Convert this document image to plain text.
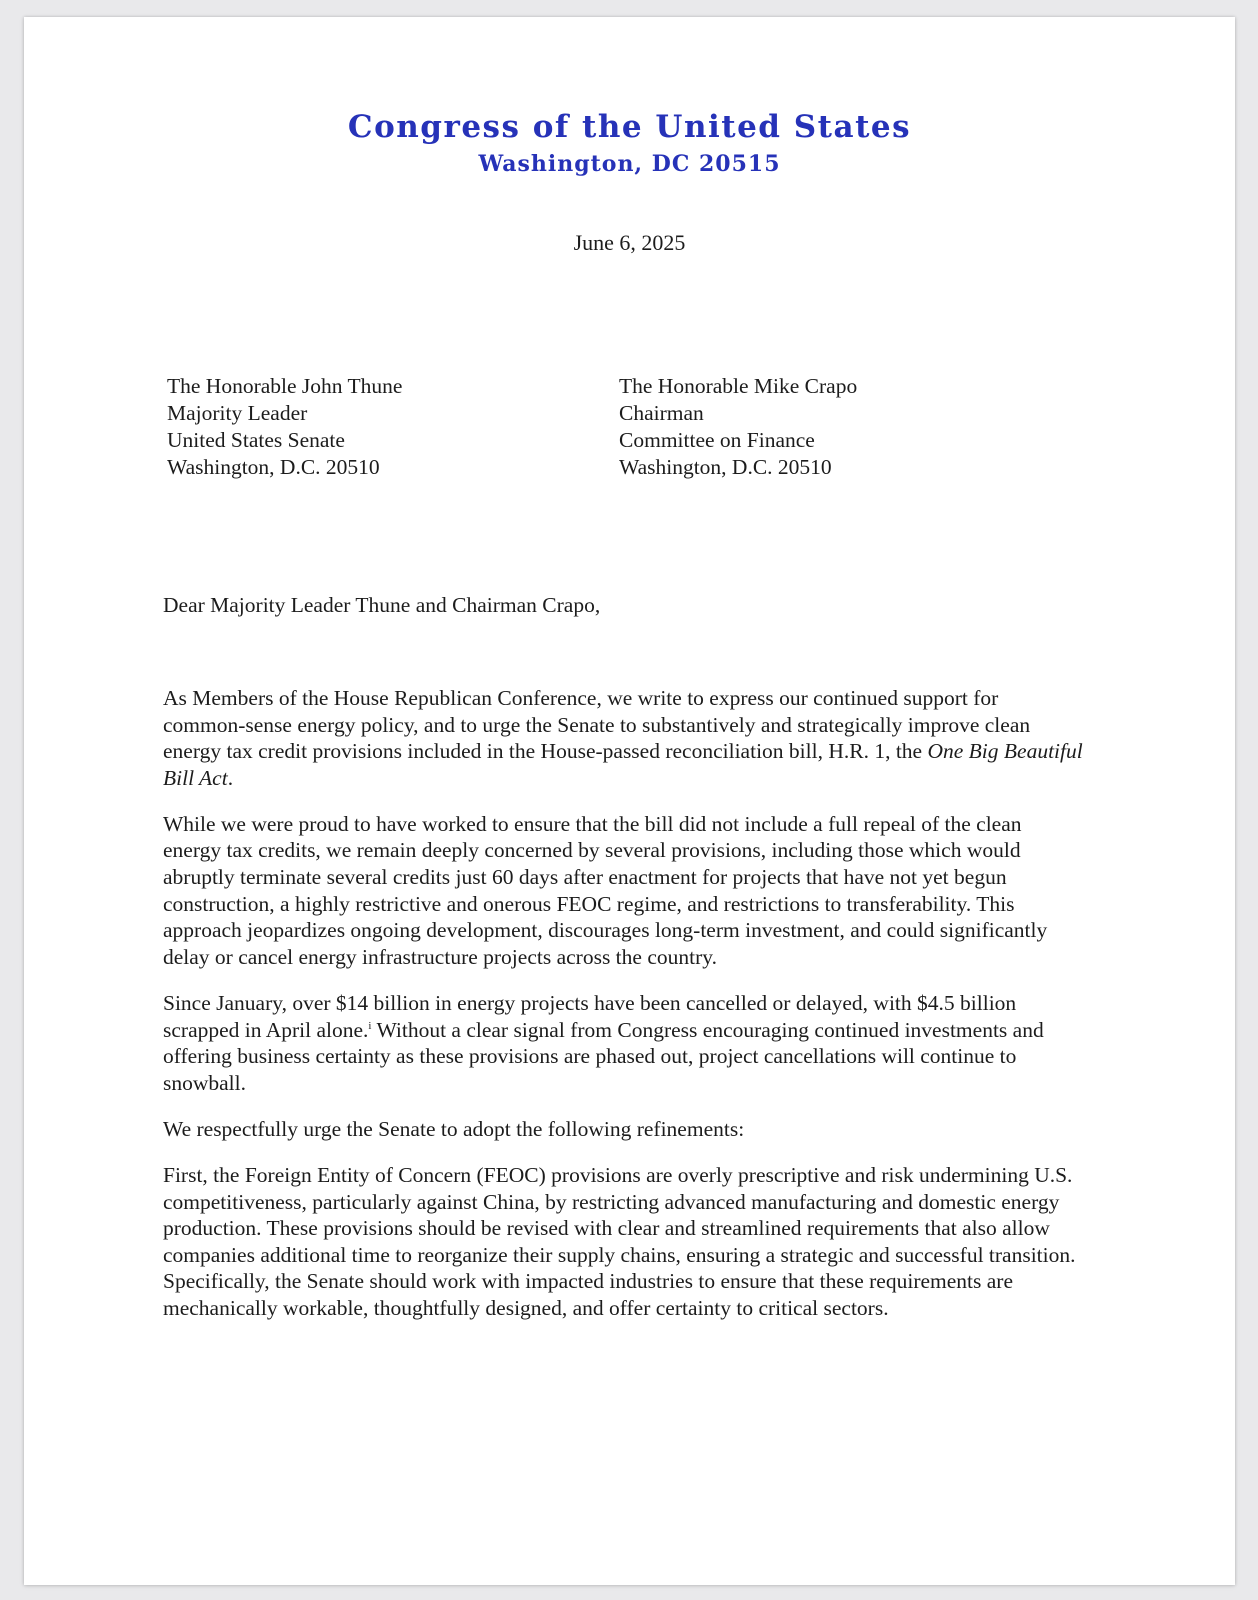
Congress of the United States
Washington, DC 20515
June 6, 2025
The Honorable John Thune
Majority Leader
United States Senate
Washington, D.C. 20510
The Honorable Mike Crapo
Chairman
Committee on Finance
Washington, D.C. 20510
Dear Majority Leader Thune and Chairman Crapo,

As Members of the House Republican Conference, we write to express our continued support for common-sense energy policy, and to urge the Senate to substantively and strategically improve clean energy tax credit provisions included in the House-passed reconciliation bill, H.R. 1, the One Big Beautiful Bill Act.

While we were proud to have worked to ensure that the bill did not include a full repeal of the clean energy tax credits, we remain deeply concerned by several provisions, including those which would abruptly terminate several credits just 60 days after enactment for projects that have not yet begun construction, a highly restrictive and onerous FEOC regime, and restrictions to transferability. This approach jeopardizes ongoing development, discourages long-term investment, and could significantly delay or cancel energy infrastructure projects across the country.

Since January, over $14 billion in energy projects have been cancelled or delayed, with $4.5 billion scrapped in April alone.$^i$ Without a clear signal from Congress encouraging continued investments and offering business certainty as these provisions are phased out, project cancellations will continue to snowball.

We respectfully urge the Senate to adopt the following refinements:

First, the Foreign Entity of Concern (FEOC) provisions are overly prescriptive and risk undermining U.S. competitiveness, particularly against China, by restricting advanced manufacturing and domestic energy production. These provisions should be revised with clear and streamlined requirements that also allow companies additional time to reorganize their supply chains, ensuring a strategic and successful transition. Specifically, the Senate should work with impacted industries to ensure that these requirements are mechanically workable, thoughtfully designed, and offer certainty to critical sectors.
